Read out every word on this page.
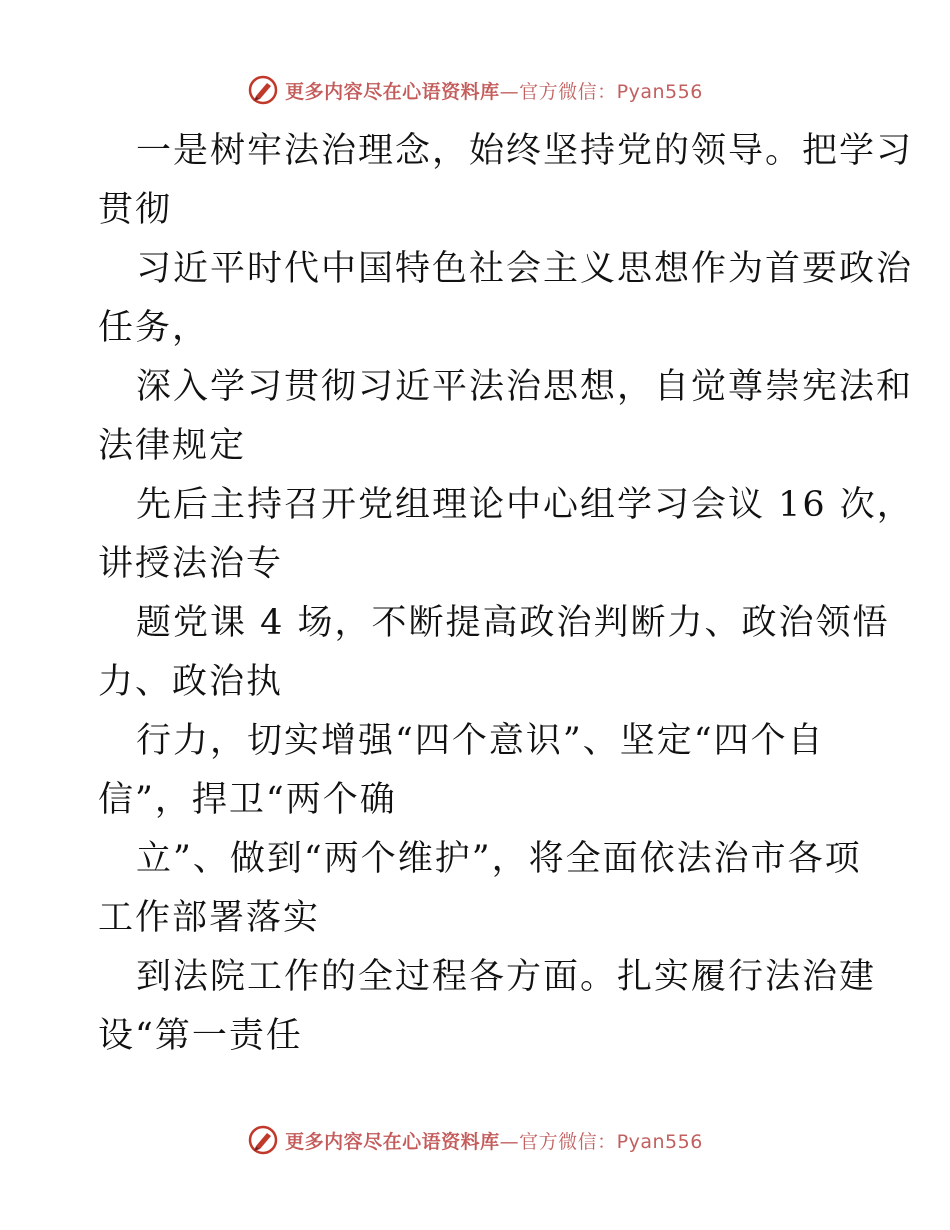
更多内容尽在心语资料库—官方微信：Pyan556
一是树牢法治理念，始终坚持党的领导。把学习
贯彻
习近平时代中国特色社会主义思想作为首要政治
任务，
深入学习贯彻习近平法治思想，自觉尊崇宪法和
法律规定
先后主持召开党组理论中心组学习会议 16 次，
讲授法治专
题党课 4 场，不断提高政治判断力、政治领悟
力、政治执
行力，切实增强“四个意识”、坚定“四个自
信”，捍卫“两个确
立”、做到“两个维护”，将全面依法治市各项
工作部署落实
到法院工作的全过程各方面。扎实履行法治建
设“第一责任
更多内容尽在心语资料库—官方微信：Pyan556
